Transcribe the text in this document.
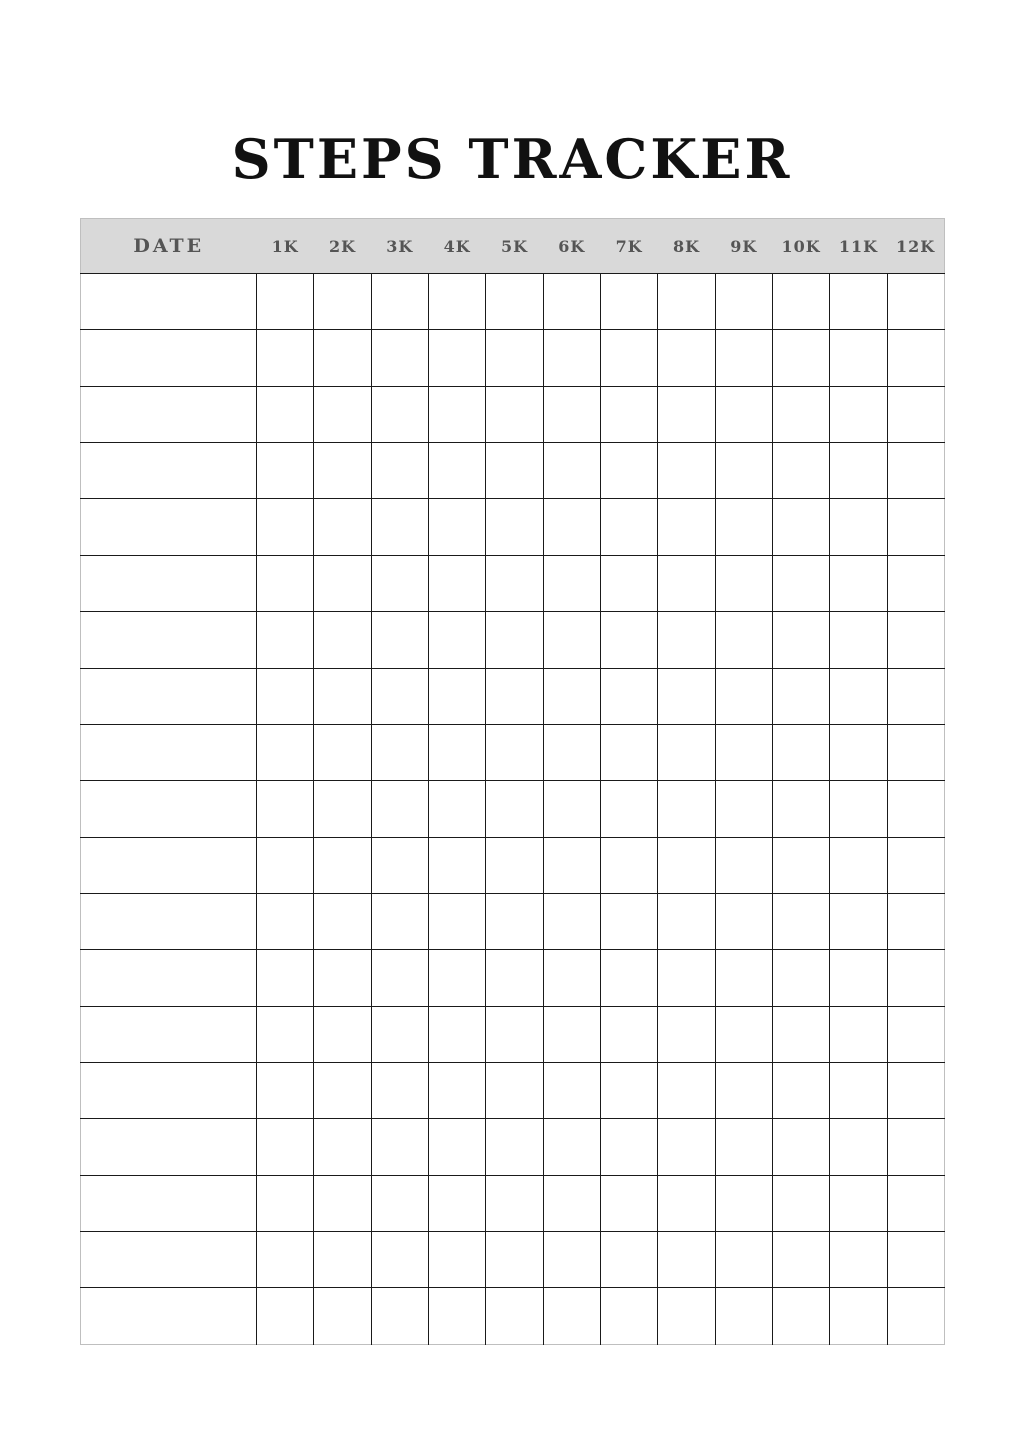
STEPS TRACKER
DATE	1K	2K	3K	4K	5K	6K	7K	8K	9K	10K	11K	12K
